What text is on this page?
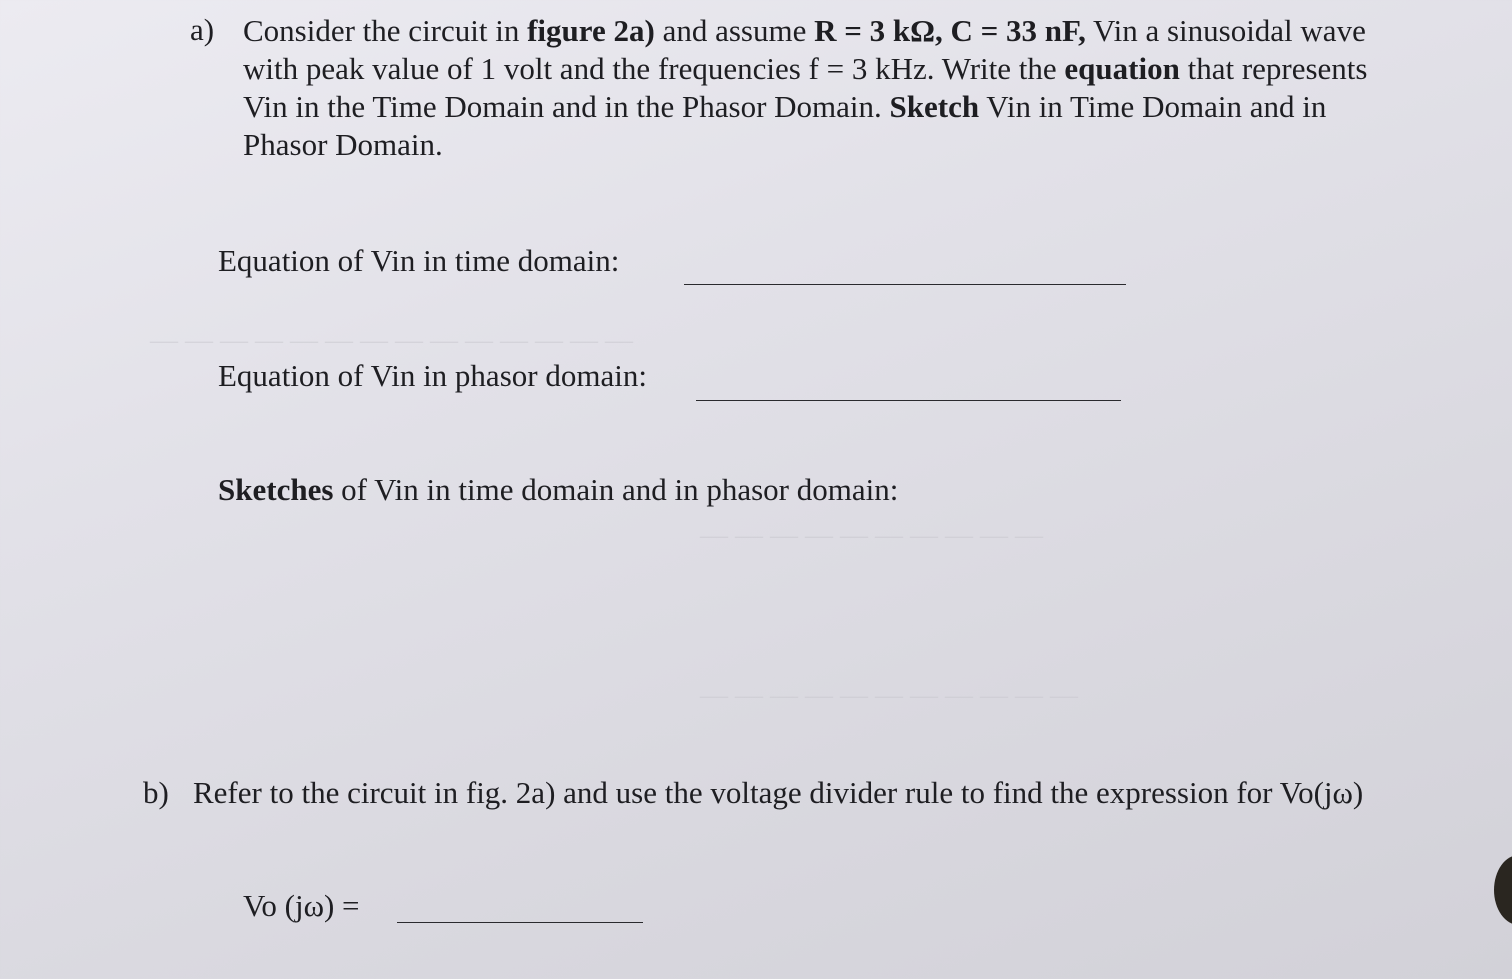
— — — — — — — — — — — — — —
— — — — — — — — — —
— — — — — — — — — — —
a) Consider the circuit in figure 2a) and assume R = 3 kΩ, C = 33 nF, Vin a sinusoidal wave
with peak value of 1 volt and the frequencies f = 3 kHz. Write the equation that represents
Vin in the Time Domain and in the Phasor Domain. Sketch Vin in Time Domain and in
Phasor Domain.
Equation of Vin in time domain:
Equation of Vin in phasor domain:
Sketches of Vin in time domain and in phasor domain:
b) Refer to the circuit in fig. 2a) and use the voltage divider rule to find the expression for Vo(jω)
Vo (jω) =
